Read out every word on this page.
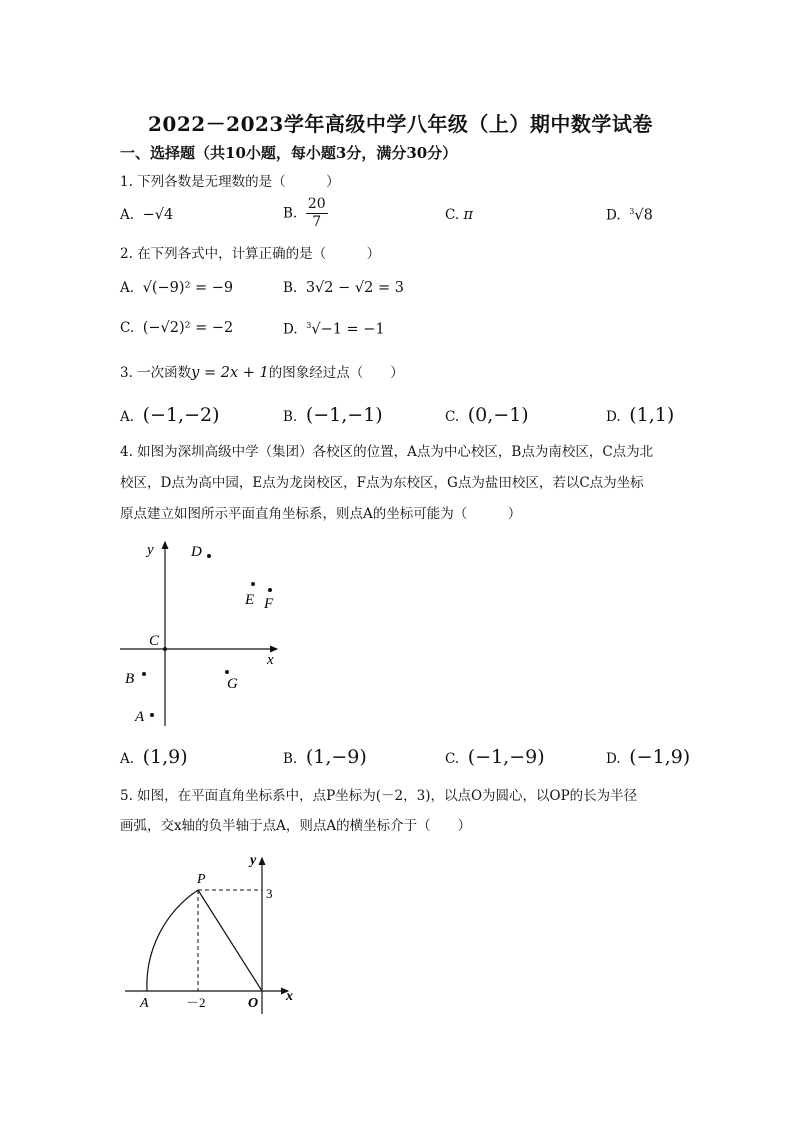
2022－2023学年高级中学八年级（上）期中数学试卷
一、选择题（共10小题，每小题3分，满分30分）
1. 下列各数是无理数的是（　　　）
A. −√4	B. $\frac{20}{7}$	C. π	D. $^3$√8
2. 在下列各式中，计算正确的是（　　　）
A. √(−9)² = −9	B. 3√2 − √2 = 3
C. (−√2)² = −2	D. $^3$√−1 = −1
3. 一次函数y = 2x + 1的图象经过点（　　）
A. (−1,−2)	B. (−1,−1)	C. (0,−1)	D. (1,1)
4. 如图为深圳高级中学（集团）各校区的位置，A点为中心校区，B点为南校区，C点为北
校区，D点为高中园，E点为龙岗校区，F点为东校区，G点为盐田校区，若以C点为坐标
原点建立如图所示平面直角坐标系，则点A的坐标可能为（　　　）
y
x
C
D
E F
B	G
A
A. (1,9)	B. (1,−9)	C. (−1,−9)	D. (−1,9)
5. 如图，在平面直角坐标系中，点P坐标为(－2，3)，以点O为圆心，以OP的长为半径
画弧，交x轴的负半轴于点A，则点A的横坐标介于（　　）
y
x
P
A	O
－2
3
